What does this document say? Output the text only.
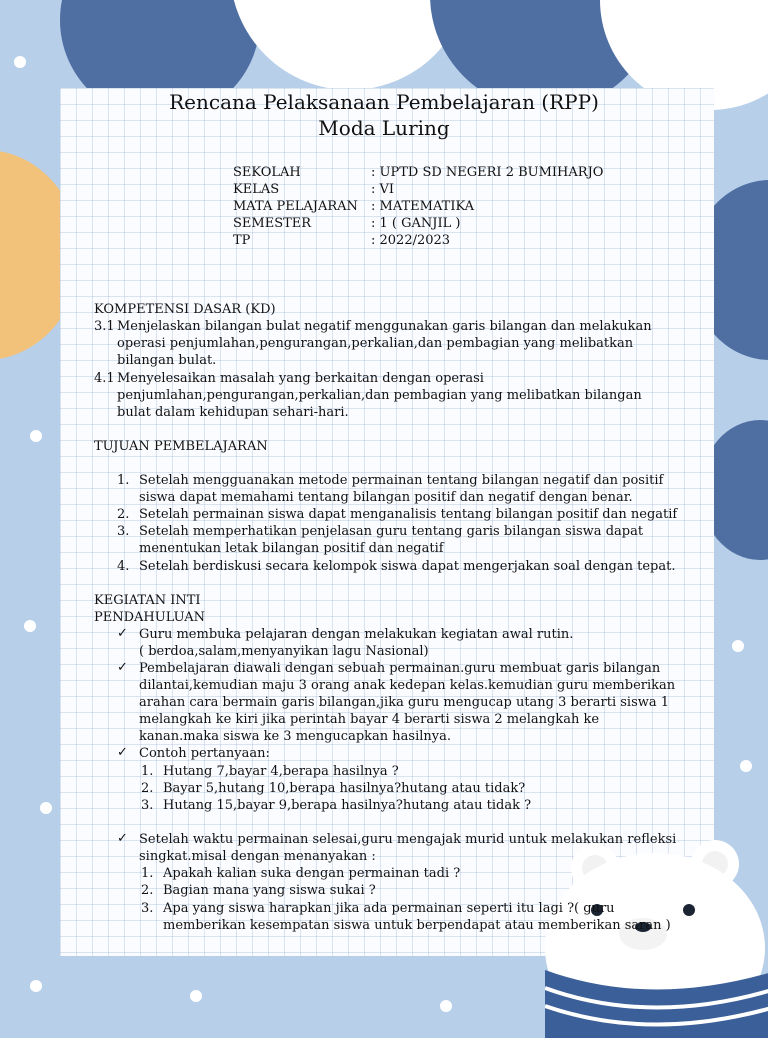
Rencana Pelaksanaan Pembelajaran (RPP)
Moda Luring
SEKOLAH	: UPTD SD NEGERI 2 BUMIHARJO
KELAS	: VI
MATA PELAJARAN : MATEMATIKA
SEMESTER	: 1 ( GANJIL )
TP	: 2022/2023
KOMPETENSI DASAR (KD)
3.1 Menjelaskan bilangan bulat negatif menggunakan garis bilangan dan melakukan
operasi penjumlahan,pengurangan,perkalian,dan pembagian yang melibatkan
bilangan bulat.
4.1 Menyelesaikan masalah yang berkaitan dengan operasi
penjumlahan,pengurangan,perkalian,dan pembagian yang melibatkan bilangan
bulat dalam kehidupan sehari-hari.
TUJUAN PEMBELAJARAN
1. Setelah mengguanakan metode permainan tentang bilangan negatif dan positif
siswa dapat memahami tentang bilangan positif dan negatif dengan benar.
2. Setelah permainan siswa dapat menganalisis tentang bilangan positif dan negatif
3. Setelah memperhatikan penjelasan guru tentang garis bilangan siswa dapat
menentukan letak bilangan positif dan negatif
4. Setelah berdiskusi secara kelompok siswa dapat mengerjakan soal dengan tepat.
KEGIATAN INTI
PENDAHULUAN
✓ Guru membuka pelajaran dengan melakukan kegiatan awal rutin.
( berdoa,salam,menyanyikan lagu Nasional)
✓ Pembelajaran diawali dengan sebuah permainan.guru membuat garis bilangan
dilantai,kemudian maju 3 orang anak kedepan kelas.kemudian guru memberikan
arahan cara bermain garis bilangan,jika guru mengucap utang 3 berarti siswa 1
melangkah ke kiri jika perintah bayar 4 berarti siswa 2 melangkah ke
kanan.maka siswa ke 3 mengucapkan hasilnya.
✓ Contoh pertanyaan:
1. Hutang 7,bayar 4,berapa hasilnya ?
2. Bayar 5,hutang 10,berapa hasilnya?hutang atau tidak?
3. Hutang 15,bayar 9,berapa hasilnya?hutang atau tidak ?
✓ Setelah waktu permainan selesai,guru mengajak murid untuk melakukan refleksi
singkat.misal dengan menanyakan :
1. Apakah kalian suka dengan permainan tadi ?
2. Bagian mana yang siswa sukai ?
3. Apa yang siswa harapkan jika ada permainan seperti itu lagi ?( guru
memberikan kesempatan siswa untuk berpendapat atau memberikan saran )
